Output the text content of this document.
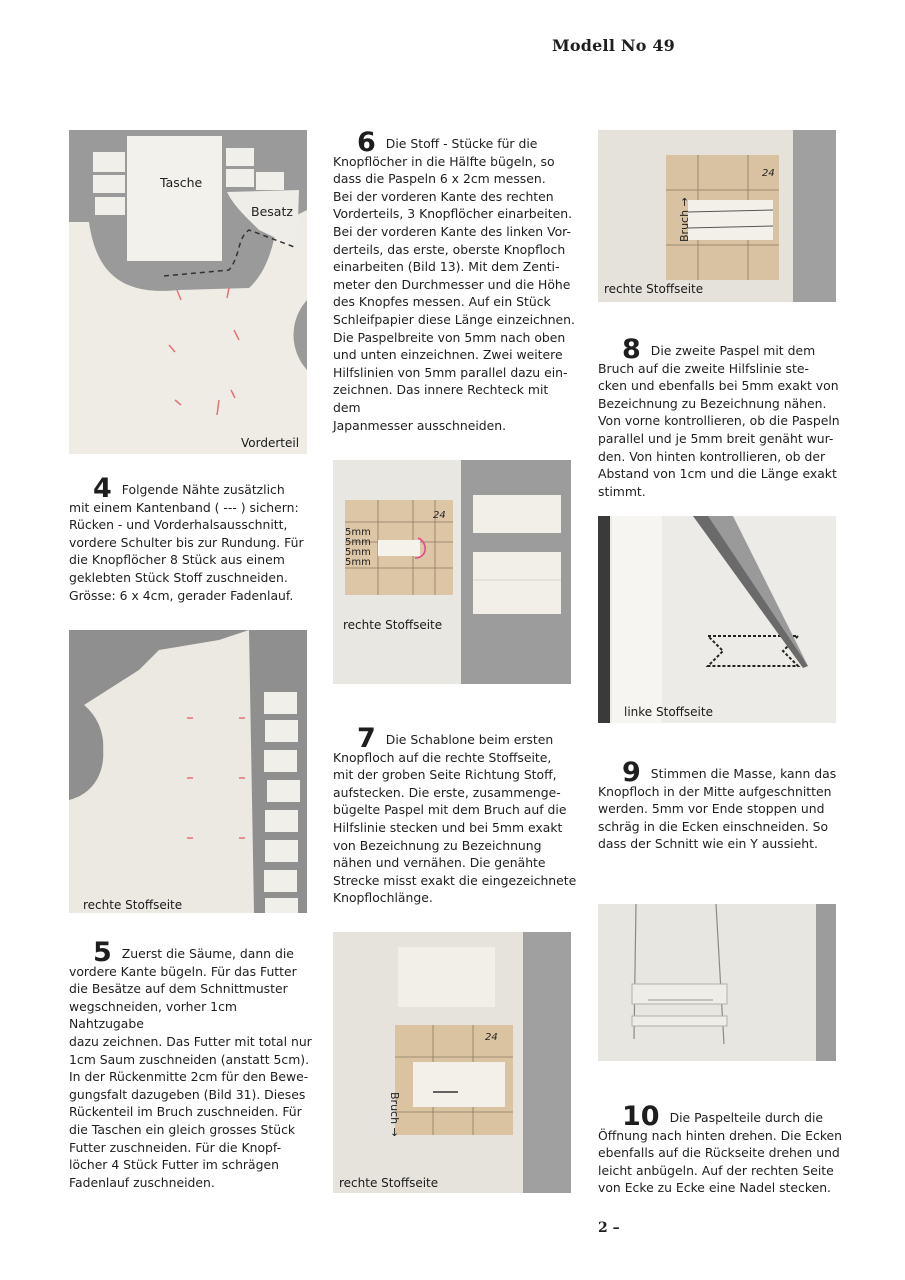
Modell No 49
Tasche
Besatz
Vorderteil
4 Folgende Nähte zusätzlich
mit einem Kantenband ( --- ) sichern:
Rücken - und Vorderhalsausschnitt,
vordere Schulter bis zur Rundung. Für
die Knopflöcher 8 Stück aus einem
geklebten Stück Stoff zuschneiden.
Grösse: 6 x 4cm, gerader Fadenlauf.
rechte Stoffseite
5 Zuerst die Säume, dann die
vordere Kante bügeln. Für das Futter
die Besätze auf dem Schnittmuster
wegschneiden, vorher 1cm Nahtzugabe
dazu zeichnen. Das Futter mit total nur
1cm Saum zuschneiden (anstatt 5cm).
In der Rückenmitte 2cm für den Bewe-
gungsfalt dazugeben (Bild 31). Dieses
Rückenteil im Bruch zuschneiden. Für
die Taschen ein gleich grosses Stück
Futter zuschneiden. Für die Knopf-
löcher 4 Stück Futter im schrägen
Fadenlauf zuschneiden.
6 Die Stoff - Stücke für die
Knopflöcher in die Hälfte bügeln, so
dass die Paspeln 6 x 2cm messen.
Bei der vorderen Kante des rechten
Vorderteils, 3 Knopflöcher einarbeiten.
Bei der vorderen Kante des linken Vor-
derteils, das erste, oberste Knopfloch
einarbeiten (Bild 13). Mit dem Zenti-
meter den Durchmesser und die Höhe
des Knopfes messen. Auf ein Stück
Schleifpapier diese Länge einzeichnen.
Die Paspelbreite von 5mm nach oben
und unten einzeichnen. Zwei weitere
Hilfslinien von 5mm parallel dazu ein-
zeichnen. Das innere Rechteck mit dem
Japanmesser ausschneiden.
24
5mm
5mm
5mm
5mm
rechte Stoffseite
7 Die Schablone beim ersten
Knopfloch auf die rechte Stoffseite,
mit der groben Seite Richtung Stoff,
aufstecken. Die erste, zusammenge-
bügelte Paspel mit dem Bruch auf die
Hilfslinie stecken und bei 5mm exakt
von Bezeichnung zu Bezeichnung
nähen und vernähen. Die genähte
Strecke misst exakt die eingezeichnete
Knopflochlänge.
24
Bruch →
rechte Stoffseite
24
Bruch →
rechte Stoffseite
8 Die zweite Paspel mit dem
Bruch auf die zweite Hilfslinie ste-
cken und ebenfalls bei 5mm exakt von
Bezeichnung zu Bezeichnung nähen.
Von vorne kontrollieren, ob die Paspeln
parallel und je 5mm breit genäht wur-
den. Von hinten kontrollieren, ob der
Abstand von 1cm und die Länge exakt
stimmt.
linke Stoffseite
9 Stimmen die Masse, kann das
Knopfloch in der Mitte aufgeschnitten
werden. 5mm vor Ende stoppen und
schräg in die Ecken einschneiden. So
dass der Schnitt wie ein Y aussieht.
10 Die Paspelteile durch die
Öffnung nach hinten drehen. Die Ecken
ebenfalls auf die Rückseite drehen und
leicht anbügeln. Auf der rechten Seite
von Ecke zu Ecke eine Nadel stecken.
2 –
